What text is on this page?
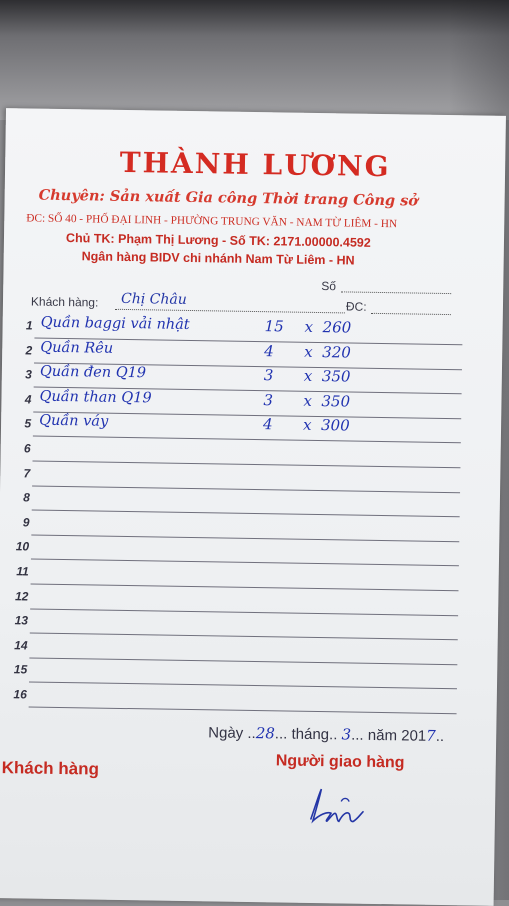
THÀNH LƯƠNG
Chuyên: Sản xuất Gia công Thời trang Công sở
ĐC: SỐ 40 - PHỐ ĐẠI LINH - PHƯỜNG TRUNG VĂN - NAM TỪ LIÊM - HN
Chủ TK: Phạm Thị Lương - Số TK: 2171.00000.4592
Ngân hàng BIDV chi nhánh Nam Từ Liêm - HN
Số
Khách hàng: Chị Châu	ĐC:
1 Quần baggi vải nhật	15 x 260
2 Quần Rêu	4 x 320
3 Quần đen Q19	3 x 350
4 Quần than Q19	3 x 350
5 Quần váy	4 x 300
6
7
8
9
10
11
12
13
14
15
16
Ngày ..28... tháng.. 3... năm 2017..
Khách hàng	Người giao hàng
